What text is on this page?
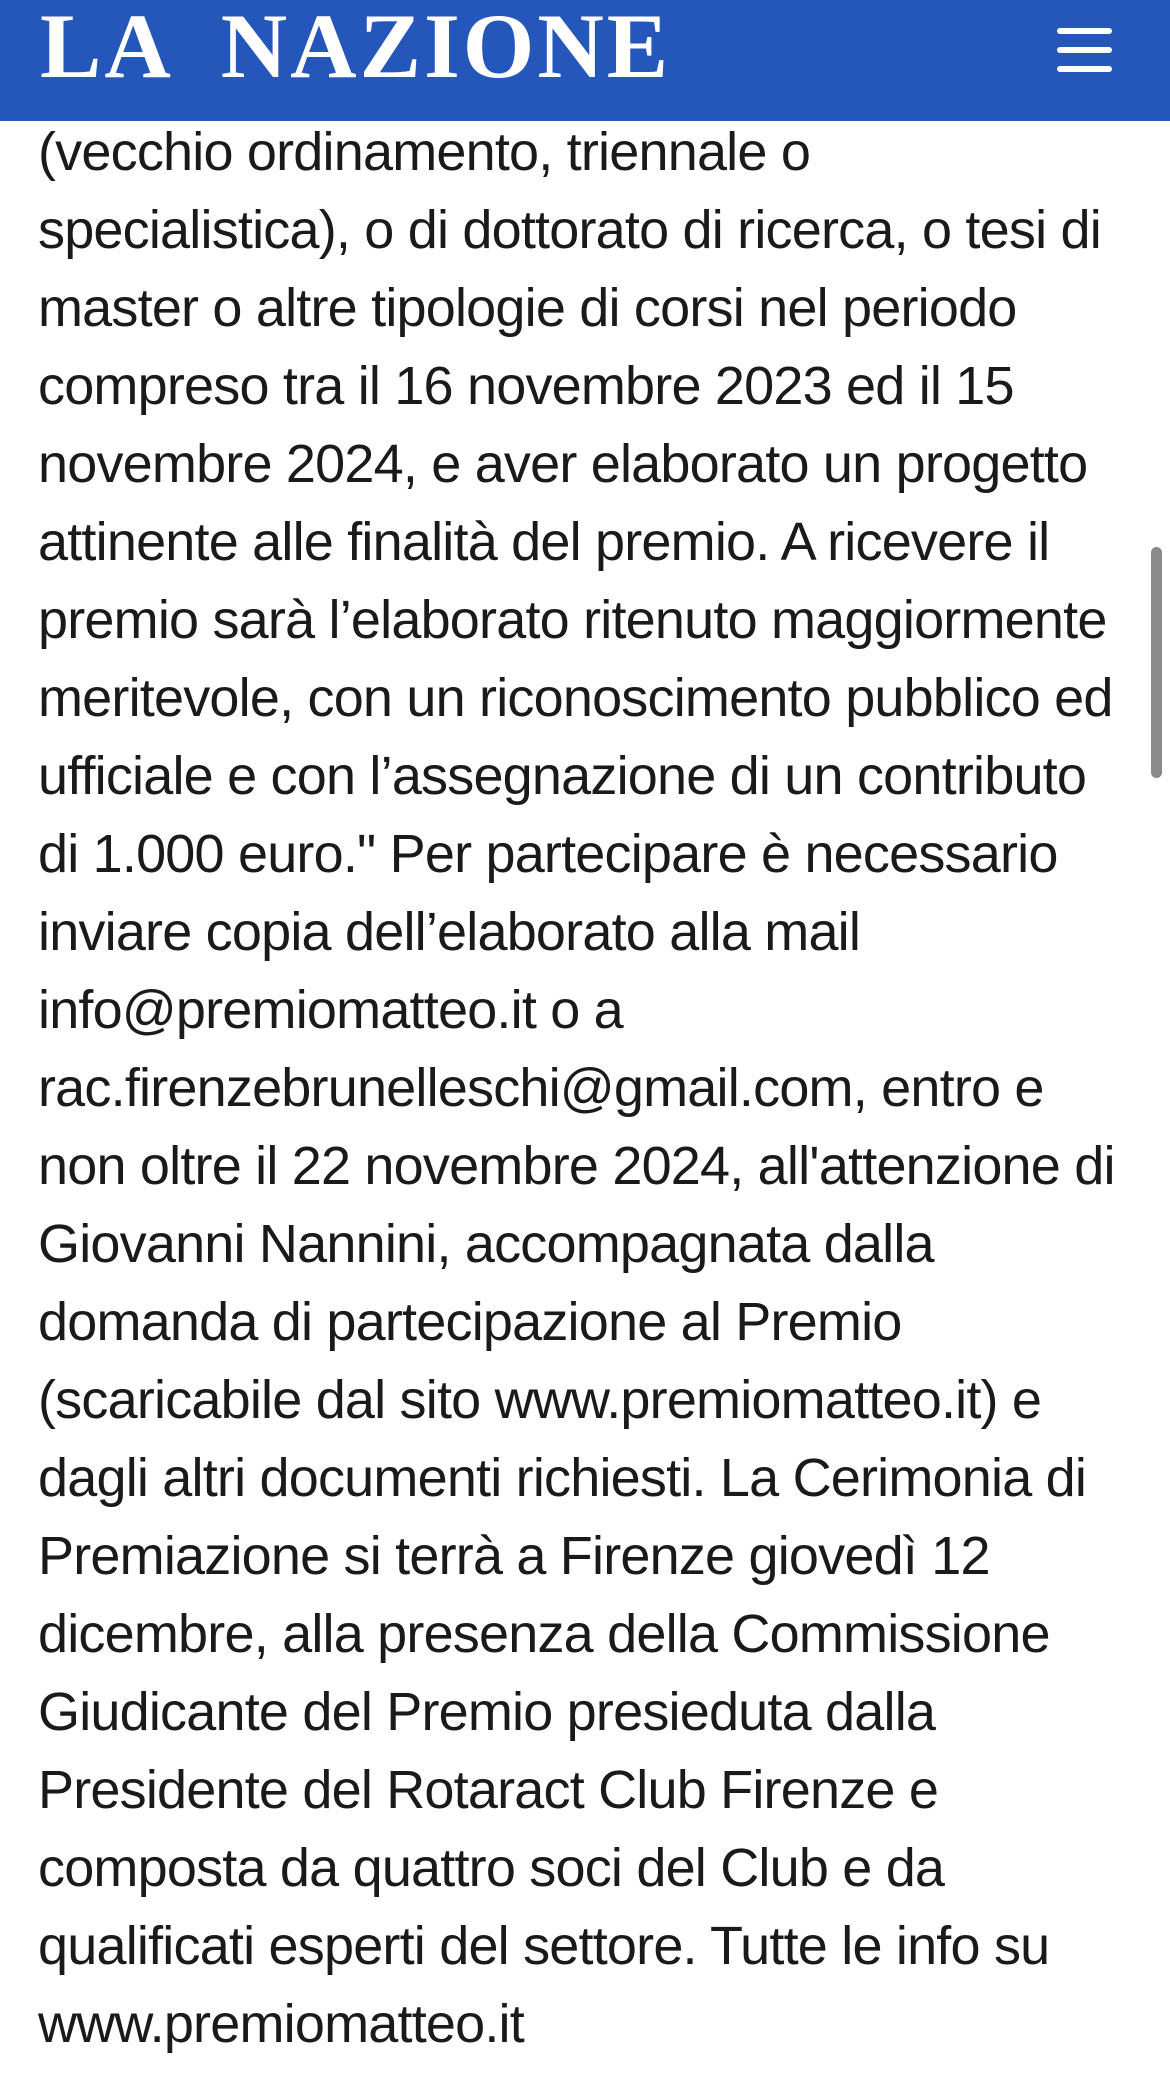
LA NAZIONE
(vecchio ordinamento, triennale o
specialistica), o di dottorato di ricerca, o tesi di
master o altre tipologie di corsi nel periodo
compreso tra il 16 novembre 2023 ed il 15
novembre 2024, e aver elaborato un progetto
attinente alle finalità del premio. A ricevere il
premio sarà l’elaborato ritenuto maggiormente
meritevole, con un riconoscimento pubblico ed
ufficiale e con l’assegnazione di un contributo
di 1.000 euro." Per partecipare è necessario
inviare copia dell’elaborato alla mail
info@premiomatteo.it o a
rac.firenzebrunelleschi@gmail.com, entro e
non oltre il 22 novembre 2024, all'attenzione di
Giovanni Nannini, accompagnata dalla
domanda di partecipazione al Premio
(scaricabile dal sito www.premiomatteo.it) e
dagli altri documenti richiesti. La Cerimonia di
Premiazione si terrà a Firenze giovedì 12
dicembre, alla presenza della Commissione
Giudicante del Premio presieduta dalla
Presidente del Rotaract Club Firenze e
composta da quattro soci del Club e da
qualificati esperti del settore. Tutte le info su
www.premiomatteo.it
